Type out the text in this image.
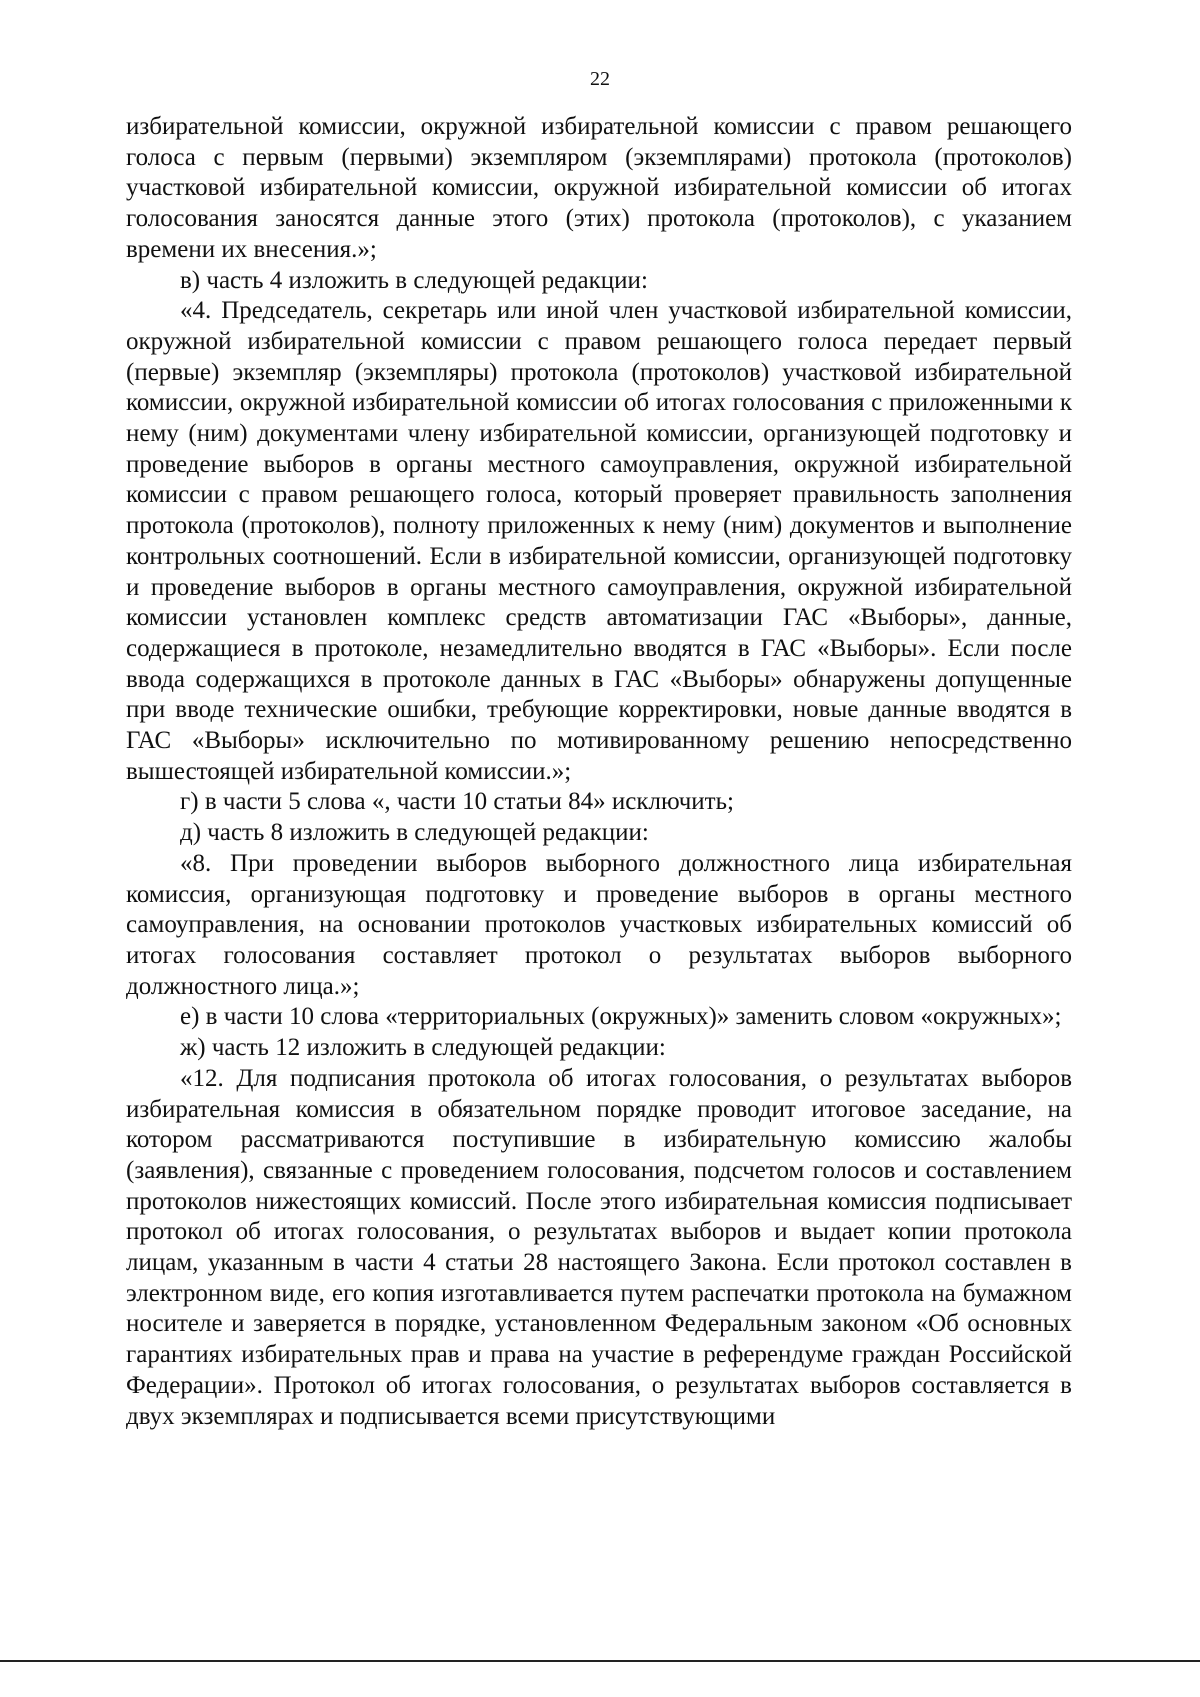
22

избирательной комиссии, окружной избирательной комиссии с правом решающего голоса с первым (первыми) экземпляром (экземплярами) протокола (протоколов) участковой избирательной комиссии, окружной избирательной комиссии об итогах голосования заносятся данные этого (этих) протокола (протоколов), с указанием времени их внесения.»;

в) часть 4 изложить в следующей редакции:

«4. Председатель, секретарь или иной член участковой избирательной комиссии, окружной избирательной комиссии с правом решающего голоса передает первый (первые) экземпляр (экземпляры) протокола (протоколов) участковой избирательной комиссии, окружной избирательной комиссии об итогах голосования с приложенными к нему (ним) документами члену избирательной комиссии, организующей подготовку и проведение выборов в органы местного самоуправления, окружной избирательной комиссии с правом решающего голоса, который проверяет правильность заполнения протокола (протоколов), полноту приложенных к нему (ним) документов и выполнение контрольных соотношений. Если в избирательной комиссии, организующей подготовку и проведение выборов в органы местного самоуправления, окружной избирательной комиссии установлен комплекс средств автоматизации ГАС «Выборы», данные, содержащиеся в протоколе, незамедлительно вводятся в ГАС «Выборы». Если после ввода содержащихся в протоколе данных в ГАС «Выборы» обнаружены допущенные при вводе технические ошибки, требующие корректировки, новые данные вводятся в ГАС «Выборы» исключительно по мотивированному решению непосредственно вышестоящей избирательной комиссии.»;

г) в части 5 слова «, части 10 статьи 84» исключить;

д) часть 8 изложить в следующей редакции:

«8. При проведении выборов выборного должностного лица избирательная комиссия, организующая подготовку и проведение выборов в органы местного самоуправления, на основании протоколов участковых избирательных комиссий об итогах голосования составляет протокол о результатах выборов выборного должностного лица.»;

е) в части 10 слова «территориальных (окружных)» заменить словом «окружных»;

ж) часть 12 изложить в следующей редакции:

«12. Для подписания протокола об итогах голосования, о результатах выборов избирательная комиссия в обязательном порядке проводит итоговое заседание, на котором рассматриваются поступившие в избирательную комиссию жалобы (заявления), связанные с проведением голосования, подсчетом голосов и составлением протоколов нижестоящих комиссий. После этого избирательная комиссия подписывает протокол об итогах голосования, о результатах выборов и выдает копии протокола лицам, указанным в части 4 статьи 28 настоящего Закона. Если протокол составлен в электронном виде, его копия изготавливается путем распечатки протокола на бумажном носителе и заверяется в порядке, установленном Федеральным законом «Об основных гарантиях избирательных прав и права на участие в референдуме граждан Российской Федерации». Протокол об итогах голосования, о результатах выборов составляется в двух экземплярах и подписывается всеми присутствующими
